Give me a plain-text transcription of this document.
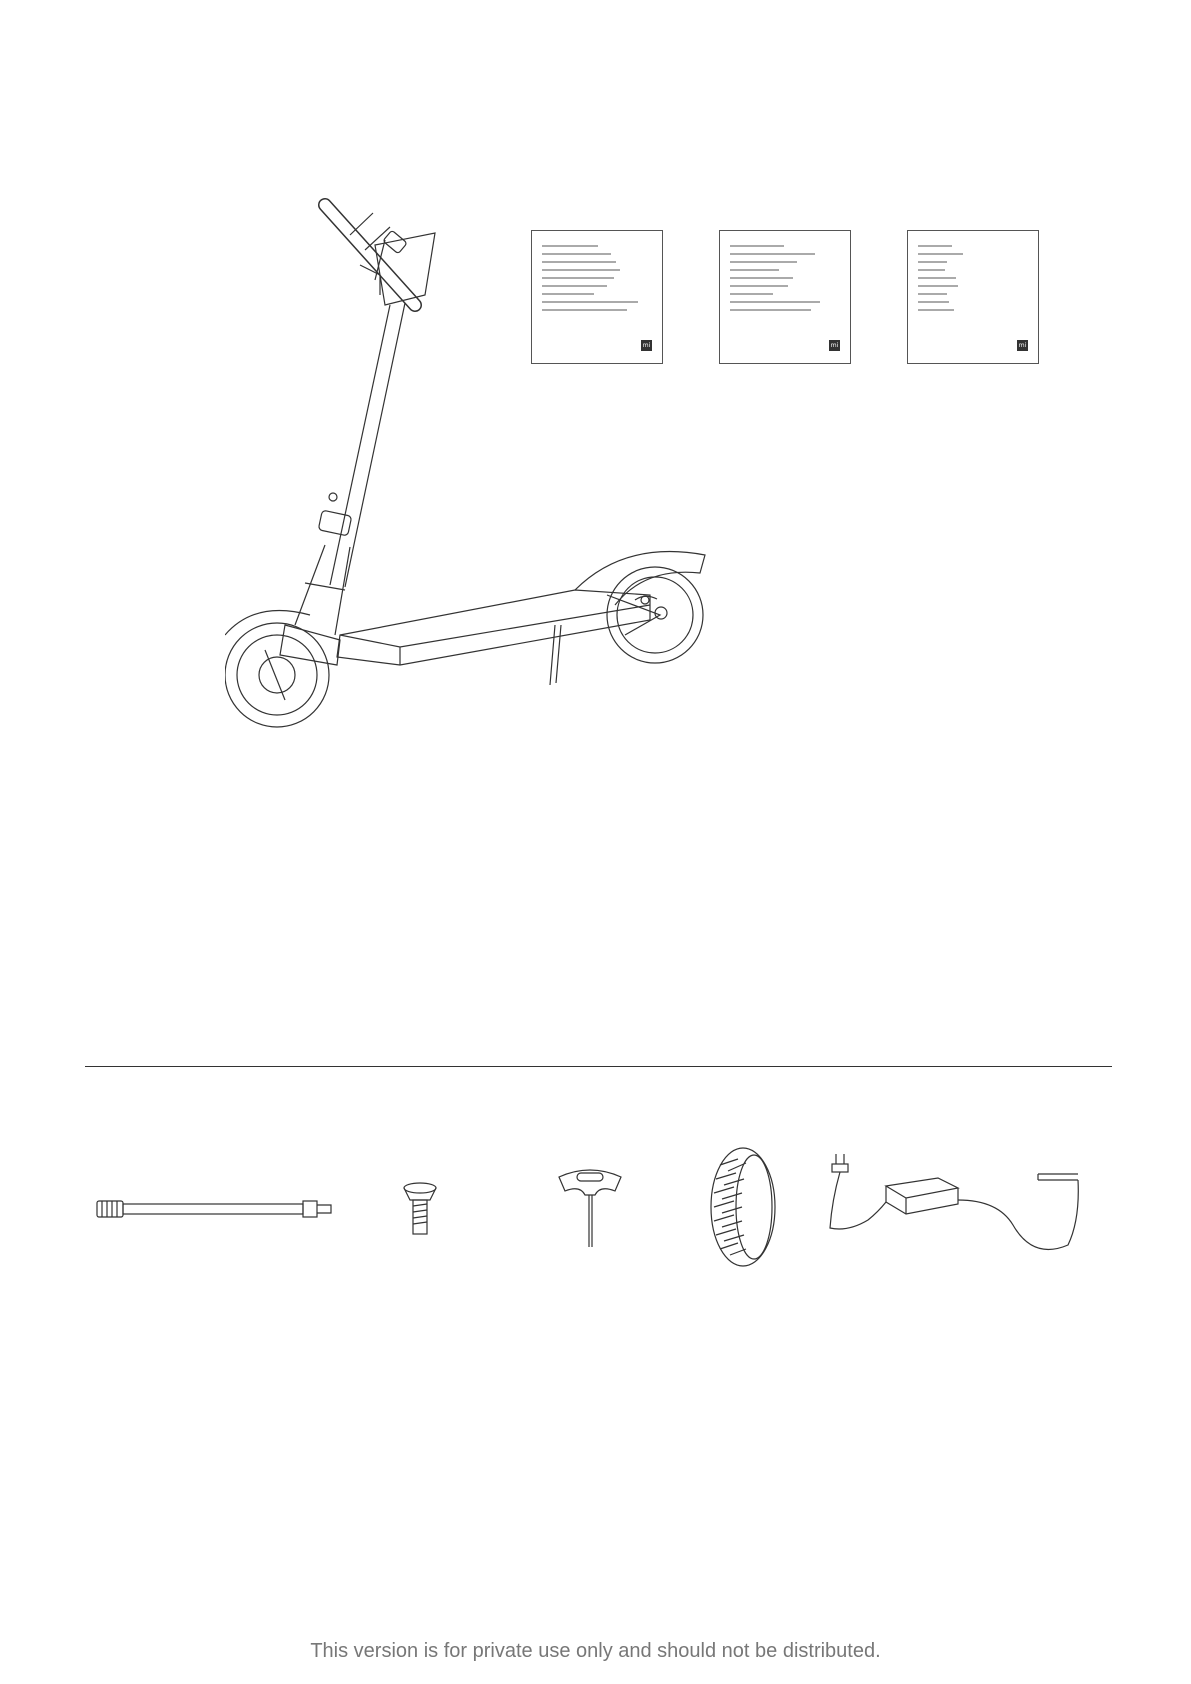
mi	mi	mi
This version is for private use only and should not be distributed.
